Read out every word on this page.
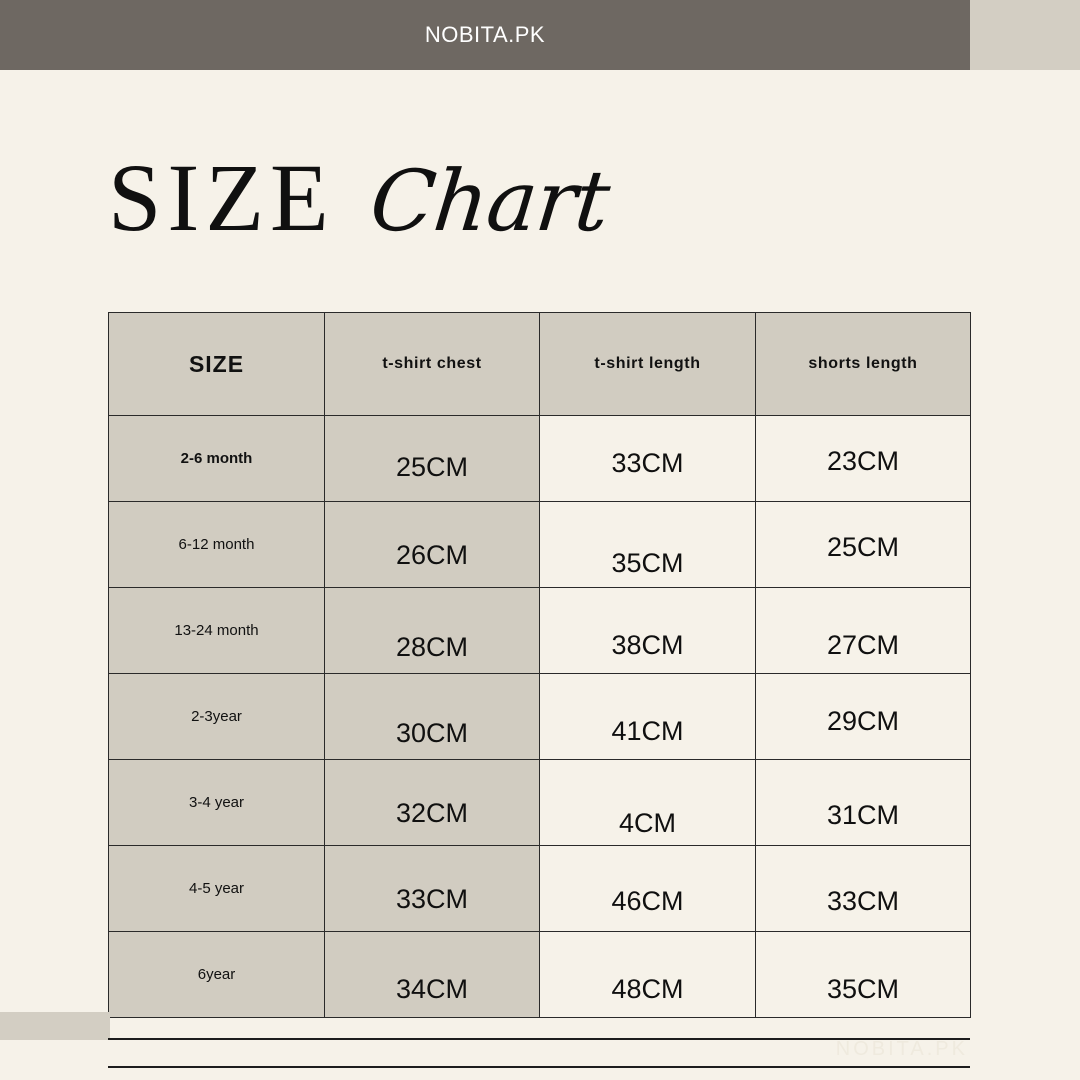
NOBITA.PK
SIZE Chart
SIZE	t-shirt chest	t-shirt length	shorts length
2-6 month	25CM	33CM	23CM

6-12 month	26CM	35CM	25CM

13-24 month	28CM	38CM	27CM

2-3year	30CM	41CM	29CM

3-4 year	32CM	4CM	31CM

4-5 year	33CM	46CM	33CM

6year	34CM	48CM	35CM
NOBITA.PK
